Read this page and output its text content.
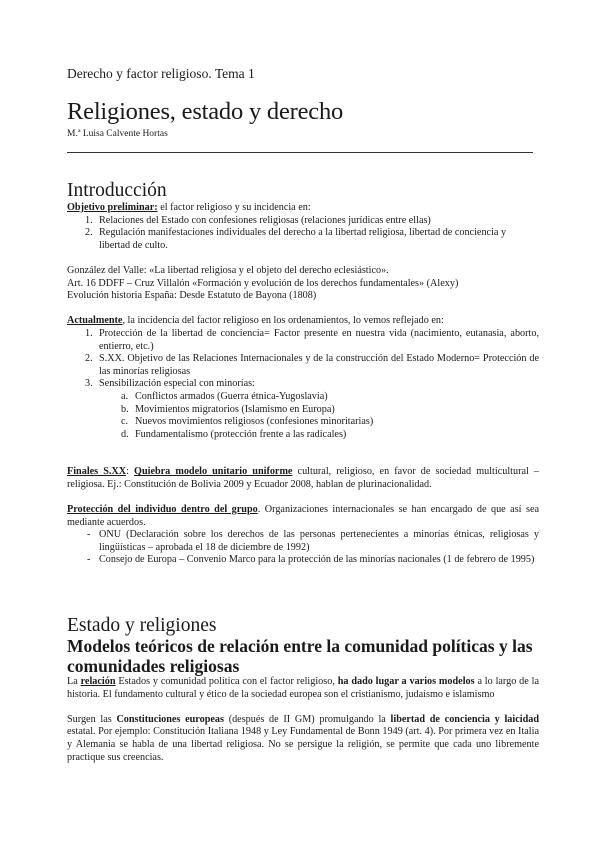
Derecho y factor religioso. Tema 1

Religiones, estado y derecho

M.ª Luisa Calvente Hortas

Introducción

Objetivo preliminar: el factor religioso y su incidencia en:

1. Relaciones del Estado con confesiones religiosas (relaciones jurídicas entre ellas)
2. Regulación manifestaciones individuales del derecho a la libertad religiosa, libertad de conciencia y libertad de culto.

González del Valle: «La libertad religiosa y el objeto del derecho eclesiástico».

Art. 16 DDFF – Cruz Villalón «Formación y evolución de los derechos fundamentales» (Alexy)

Evolución historia España: Desde Estatuto de Bayona (1808)

Actualmente, la incidencia del factor religioso en los ordenamientos, lo vemos reflejado en:

1. Protección de la libertad de conciencia= Factor presente en nuestra vida (nacimiento, eutanasia, aborto, entierro, etc.)
2. S.XX. Objetivo de las Relaciones Internacionales y de la construcción del Estado Moderno= Protección de las minorías religiosas
3. Sensibilización especial con minorías:
a. Conflictos armados (Guerra étnica-Yugoslavia)
b. Movimientos migratorios (Islamismo en Europa)
c. Nuevos movimientos religiosos (confesiones minoritarias)
d. Fundamentalismo (protección frente a las radicales)

Finales S.XX: Quiebra modelo unitario uniforme cultural, religioso, en favor de sociedad multicultural – religiosa. Ej.: Constitución de Bolivia 2009 y Ecuador 2008, hablan de plurinacionalidad.

Protección del individuo dentro del grupo. Organizaciones internacionales se han encargado de que así sea mediante acuerdos.

- ONU (Declaración sobre los derechos de las personas pertenecientes a minorías étnicas, religiosas y lingüísticas – aprobada el 18 de diciembre de 1992)
- Consejo de Europa – Convenio Marco para la protección de las minorías nacionales (1 de febrero de 1995)
Estado y religiones
Modelos teóricos de relación entre la comunidad políticas y las comunidades religiosas

La relación Estados y comunidad política con el factor religioso, ha dado lugar a varios modelos a lo largo de la historia. El fundamento cultural y ético de la sociedad europea son el cristianismo, judaísmo e islamismo

Surgen las Constituciones europeas (después de II GM) promulgando la libertad de conciencia y laicidad estatal. Por ejemplo: Constitución Italiana 1948 y Ley Fundamental de Bonn 1949 (art. 4). Por primera vez en Italia y Alemania se habla de una libertad religiosa. No se persigue la religión, se permite que cada uno libremente practique sus creencias.
